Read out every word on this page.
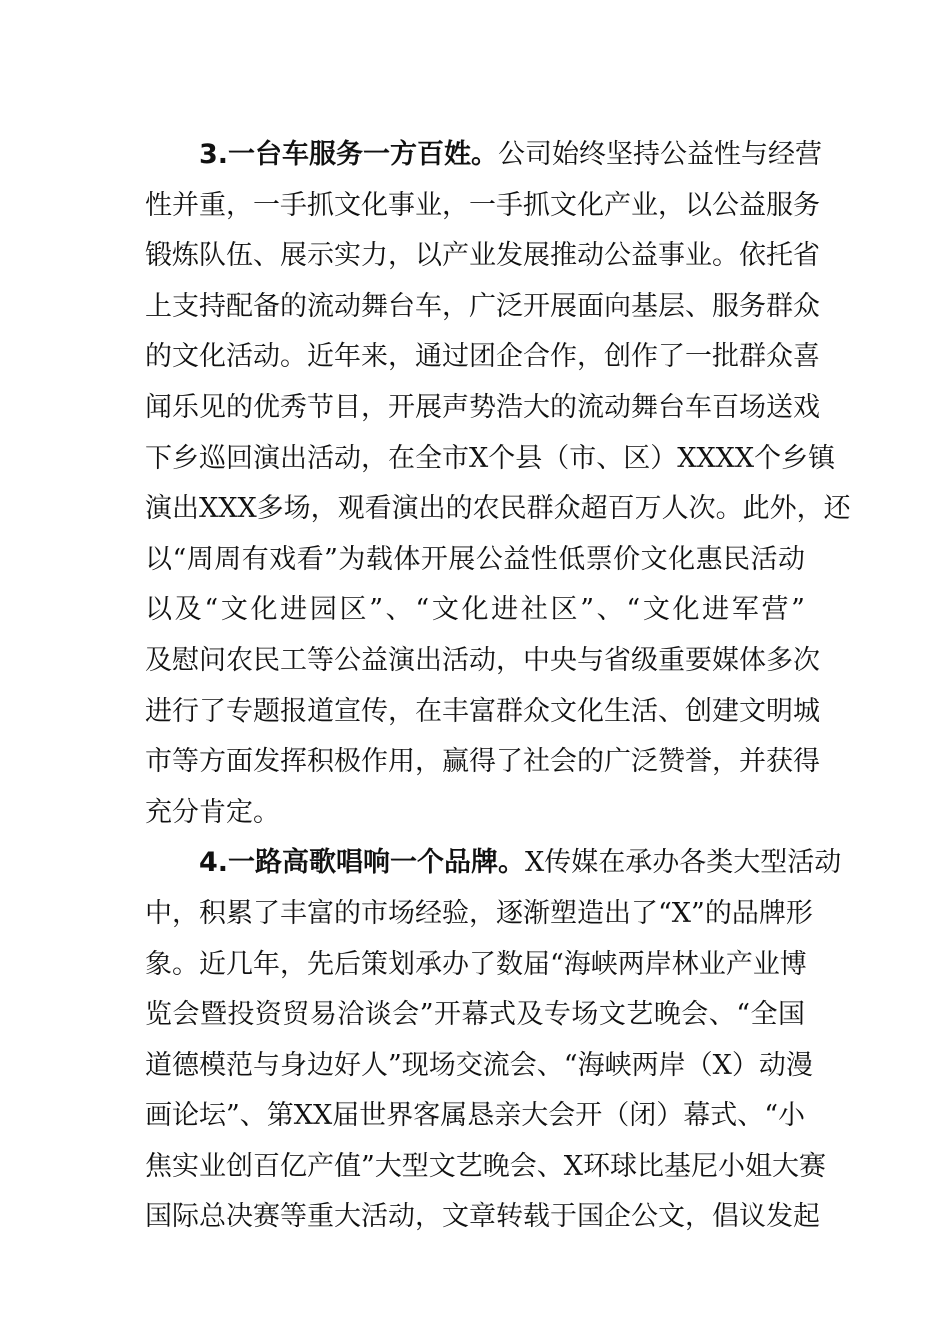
3.一台车服务一方百姓。公司始终坚持公益性与经营
性并重，一手抓文化事业，一手抓文化产业，以公益服务
锻炼队伍、展示实力，以产业发展推动公益事业。依托省
上支持配备的流动舞台车，广泛开展面向基层、服务群众
的文化活动。近年来，通过团企合作，创作了一批群众喜
闻乐见的优秀节目，开展声势浩大的流动舞台车百场送戏
下乡巡回演出活动，在全市X个县（市、区）XXXX个乡镇
演出XXX多场，观看演出的农民群众超百万人次。此外，还
以“周周有戏看”为载体开展公益性低票价文化惠民活动
以及“文化进园区”、“文化进社区”、“文化进军营”
及慰问农民工等公益演出活动，中央与省级重要媒体多次
进行了专题报道宣传，在丰富群众文化生活、创建文明城
市等方面发挥积极作用，赢得了社会的广泛赞誉，并获得
充分肯定。
4.一路高歌唱响一个品牌。X传媒在承办各类大型活动
中，积累了丰富的市场经验，逐渐塑造出了“X”的品牌形
象。近几年，先后策划承办了数届“海峡两岸林业产业博
览会暨投资贸易洽谈会”开幕式及专场文艺晚会、“全国
道德模范与身边好人”现场交流会、“海峡两岸（X）动漫
画论坛”、第XX届世界客属恳亲大会开（闭）幕式、“小
焦实业创百亿产值”大型文艺晚会、X环球比基尼小姐大赛
国际总决赛等重大活动，文章转载于国企公文，倡议发起
